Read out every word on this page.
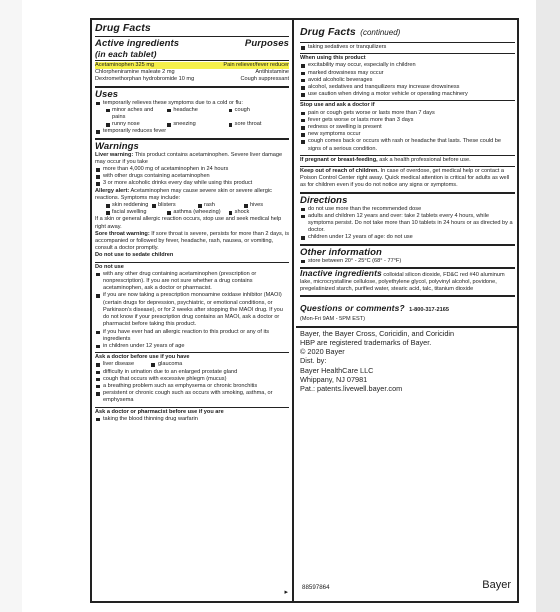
Drug Facts
Active ingredients	Purposes
(in each tablet)
Acetaminophen 325 mg	Pain reliever/fever reducer
Chlorpheniramine maleate 2 mg	Antihistamine
Dextromethorphan hydrobromide 10 mg	Cough suppressant
Uses
temporarily relieves these symptoms due to a cold or flu:
minor aches and pains
headache	cough
runny nose	sneezing	sore throat
temporarily reduces fever
Warnings
Liver warning: This product contains acetaminophen. Severe liver damage may occur if you take
more than 4,000 mg of acetaminophen in 24 hours
with other drugs containing acetaminophen
3 or more alcoholic drinks every day while using this product
Allergy alert: Acetaminophen may cause severe skin or severe allergic reactions. Symptoms may include:
skin reddening	blisters	rash	hives
facial swelling	asthma (wheezing)	shock
If a skin or general allergic reaction occurs, stop use and seek medical help right away.
Sore throat warning: If sore throat is severe, persists for more than 2 days, is accompanied or followed by fever, headache, rash, nausea, or vomiting, consult a doctor promptly.
Do not use to sedate children
Do not use
with any other drug containing acetaminophen (prescription or nonprescription). If you are not sure whether a drug contains acetaminophen, ask a doctor or pharmacist.
if you are now taking a prescription monoamine oxidase inhibitor (MAOI) (certain drugs for depression, psychiatric, or emotional conditions, or Parkinson's disease), or for 2 weeks after stopping the MAOI drug. If you do not know if your prescription drug contains an MAOI, ask a doctor or pharmacist before taking this product.
if you have ever had an allergic reaction to this product or any of its ingredients
in children under 12 years of age
Ask a doctor before use if you have
liver disease	glaucoma
difficulty in urination due to an enlarged prostate gland
cough that occurs with excessive phlegm (mucus)
a breathing problem such as emphysema or chronic bronchitis
persistent or chronic cough such as occurs with smoking, asthma, or emphysema
Ask a doctor or pharmacist before use if you are
taking the blood thinning drug warfarin
▸
Drug Facts (continued)
taking sedatives or tranquilizers
When using this product
excitability may occur, especially in children
marked drowsiness may occur
avoid alcoholic beverages
alcohol, sedatives and tranquilizers may increase drowsiness
use caution when driving a motor vehicle or operating machinery
Stop use and ask a doctor if
pain or cough gets worse or lasts more than 7 days
fever gets worse or lasts more than 3 days
redness or swelling is present
new symptoms occur
cough comes back or occurs with rash or headache that lasts. These could be signs of a serious condition.
If pregnant or breast-feeding, ask a health professional before use.
Keep out of reach of children. In case of overdose, get medical help or contact a Poison Control Center right away. Quick medical attention is critical for adults as well as for children even if you do not notice any signs or symptoms.
Directions
do not use more than the recommended dose
adults and children 12 years and over: take 2 tablets every 4 hours, while symptoms persist. Do not take more than 10 tablets in 24 hours or as directed by a doctor.
children under 12 years of age: do not use
Other information
store between 20° - 25°C (68° - 77°F)
Inactive ingredients colloidal silicon dioxide, FD&C red #40 aluminum lake, microcrystalline cellulose, polyethylene glycol, polyvinyl alcohol, povidone, pregelatinized starch, purified water, stearic acid, talc, titanium dioxide
Questions or comments? 1-800-317-2165
(Mon-Fri 9AM - 5PM EST)
Bayer, the Bayer Cross, Coricidin, and Coricidin
HBP are registered trademarks of Bayer.
© 2020 Bayer
Dist. by:
Bayer HealthCare LLC
Whippany, NJ 07981
Pat.: patents.livewell.bayer.com
88597864	Bayer
